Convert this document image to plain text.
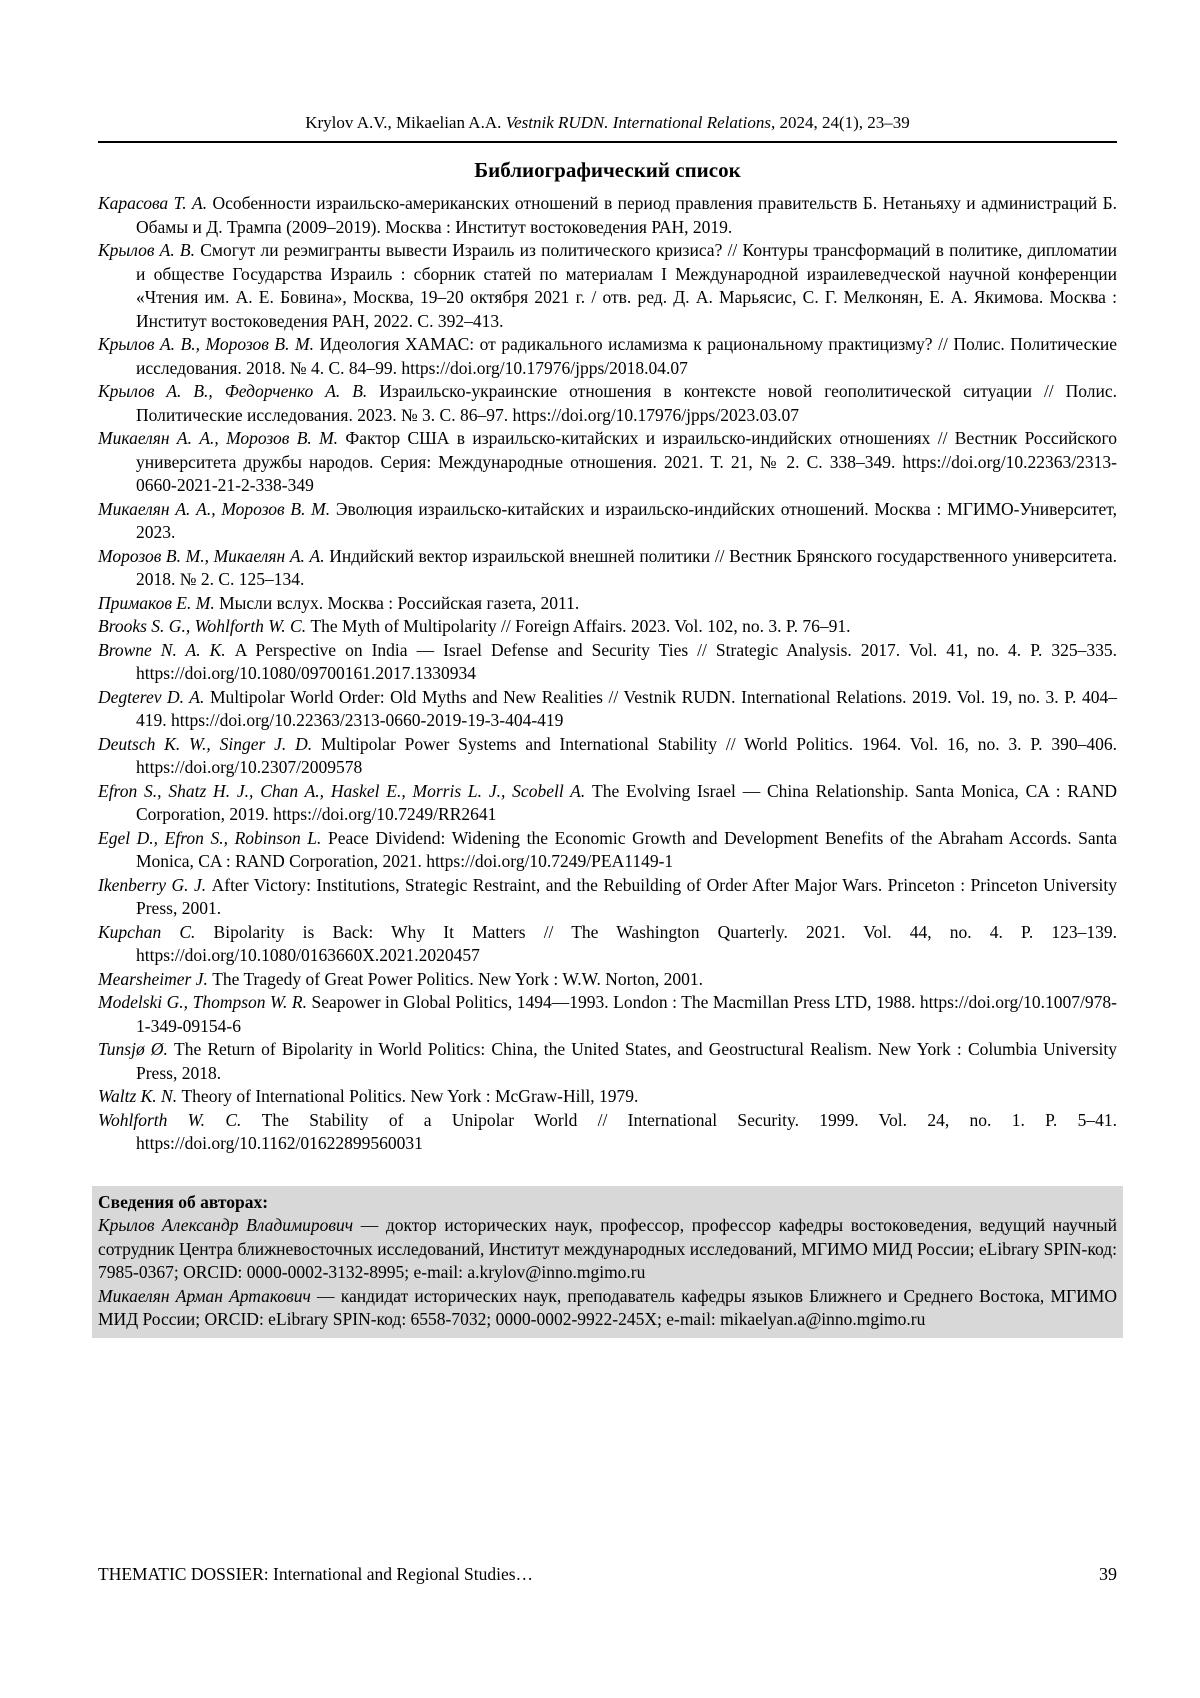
Krylov A.V., Mikaelian A.A. Vestnik RUDN. International Relations, 2024, 24(1), 23–39
Библиографический список

Карасова Т. А. Особенности израильско-американских отношений в период правления правительств Б. Нетаньяху и администраций Б. Обамы и Д. Трампа (2009–2019). Москва : Институт востоковедения РАН, 2019.

Крылов А. В. Смогут ли реэмигранты вывести Израиль из политического кризиса? // Контуры трансформаций в политике, дипломатии и обществе Государства Израиль : сборник статей по материалам I Международной израилеведческой научной конференции «Чтения им. А. Е. Бовина», Москва, 19–20 октября 2021 г. / отв. ред. Д. А. Марьясис, С. Г. Мелконян, Е. А. Якимова. Москва : Институт востоковедения РАН, 2022. С. 392–413.

Крылов А. В., Морозов В. М. Идеология ХАМАС: от радикального исламизма к рациональному практицизму? // Полис. Политические исследования. 2018. № 4. С. 84–99. https://doi.org/10.17976/jpps/2018.04.07

Крылов А. В., Федорченко А. В. Израильско-украинские отношения в контексте новой геополитической ситуации // Полис. Политические исследования. 2023. № 3. С. 86–97. https://doi.org/10.17976/jpps/2023.03.07

Микаелян А. А., Морозов В. М. Фактор США в израильско-китайских и израильско-индийских отношениях // Вестник Российского университета дружбы народов. Серия: Международные отношения. 2021. Т. 21, № 2. С. 338–349. https://doi.org/10.22363/2313-0660-2021-21-2-338-349

Микаелян А. А., Морозов В. М. Эволюция израильско-китайских и израильско-индийских отношений. Москва : МГИМО-Университет, 2023.

Морозов В. М., Микаелян А. А. Индийский вектор израильской внешней политики // Вестник Брянского государственного университета. 2018. № 2. С. 125–134.

Примаков Е. М. Мысли вслух. Москва : Российская газета, 2011.

Brooks S. G., Wohlforth W. C. The Myth of Multipolarity // Foreign Affairs. 2023. Vol. 102, no. 3. P. 76–91.

Browne N. A. K. A Perspective on India — Israel Defense and Security Ties // Strategic Analysis. 2017. Vol. 41, no. 4. P. 325–335. https://doi.org/10.1080/09700161.2017.1330934

Degterev D. A. Multipolar World Order: Old Myths and New Realities // Vestnik RUDN. International Relations. 2019. Vol. 19, no. 3. P. 404–419. https://doi.org/10.22363/2313-0660-2019-19-3-404-419

Deutsch K. W., Singer J. D. Multipolar Power Systems and International Stability // World Politics. 1964. Vol. 16, no. 3. P. 390–406. https://doi.org/10.2307/2009578

Efron S., Shatz H. J., Chan A., Haskel E., Morris L. J., Scobell A. The Evolving Israel — China Relationship. Santa Monica, CA : RAND Corporation, 2019. https://doi.org/10.7249/RR2641

Egel D., Efron S., Robinson L. Peace Dividend: Widening the Economic Growth and Development Benefits of the Abraham Accords. Santa Monica, CA : RAND Corporation, 2021. https://doi.org/10.7249/PEA1149-1

Ikenberry G. J. After Victory: Institutions, Strategic Restraint, and the Rebuilding of Order After Major Wars. Princeton : Princeton University Press, 2001.

Kupchan C. Bipolarity is Back: Why It Matters // The Washington Quarterly. 2021. Vol. 44, no. 4. P. 123–139. https://doi.org/10.1080/0163660X.2021.2020457

Mearsheimer J. The Tragedy of Great Power Politics. New York : W.W. Norton, 2001.

Modelski G., Thompson W. R. Seapower in Global Politics, 1494—1993. London : The Macmillan Press LTD, 1988. https://doi.org/10.1007/978-1-349-09154-6

Tunsjø Ø. The Return of Bipolarity in World Politics: China, the United States, and Geostructural Realism. New York : Columbia University Press, 2018.

Waltz K. N. Theory of International Politics. New York : McGraw-Hill, 1979.

Wohlforth W. C. The Stability of a Unipolar World // International Security. 1999. Vol. 24, no. 1. P. 5–41. https://doi.org/10.1162/01622899560031

Сведения об авторах:

Крылов Александр Владимирович — доктор исторических наук, профессор, профессор кафедры востоковедения, ведущий научный сотрудник Центра ближневосточных исследований, Институт международных исследований, МГИМО МИД России; eLibrary SPIN-код: 7985-0367; ORCID: 0000-0002-3132-8995; e-mail: a.krylov@inno.mgimo.ru

Микаелян Арман Артакович — кандидат исторических наук, преподаватель кафедры языков Ближнего и Среднего Востока, МГИМО МИД России; ORCID: eLibrary SPIN-код: 6558-7032; 0000-0002-9922-245X; e-mail: mikaelyan.a@inno.mgimo.ru

THEMATIC DOSSIER: International and Regional Studies…	39
